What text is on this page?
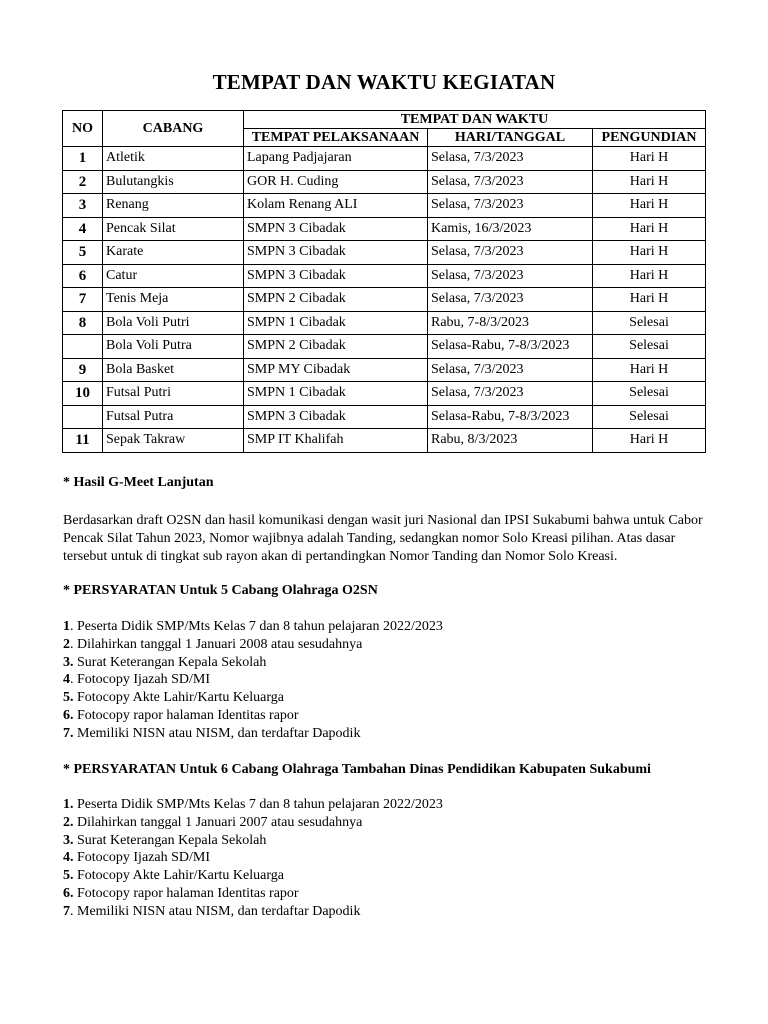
TEMPAT DAN WAKTU KEGIATAN
NO	CABANG	TEMPAT DAN WAKTU		
		TEMPAT PELAKSANAAN	HARI/TANGGAL	PENGUNDIAN
1	Atletik	Lapang Padjajaran	Selasa, 7/3/2023	Hari H
2	Bulutangkis	GOR H. Cuding	Selasa, 7/3/2023	Hari H
3	Renang	Kolam Renang ALI	Selasa, 7/3/2023	Hari H
4	Pencak Silat	SMPN 3 Cibadak	Kamis, 16/3/2023	Hari H
5	Karate	SMPN 3 Cibadak	Selasa, 7/3/2023	Hari H
6	Catur	SMPN 3 Cibadak	Selasa, 7/3/2023	Hari H
7	Tenis Meja	SMPN 2 Cibadak	Selasa, 7/3/2023	Hari H
8	Bola Voli Putri	SMPN 1 Cibadak	Rabu, 7-8/3/2023	Selesai
	Bola Voli Putra	SMPN 2 Cibadak	Selasa-Rabu, 7-8/3/2023	Selesai
9	Bola Basket	SMP MY Cibadak	Selasa, 7/3/2023	Hari H
10	Futsal Putri	SMPN 1 Cibadak	Selasa, 7/3/2023	Selesai
	Futsal Putra	SMPN 3 Cibadak	Selasa-Rabu, 7-8/3/2023	Selesai
11	Sepak Takraw	SMP IT Khalifah	Rabu, 8/3/2023	Hari H
* Hasil G-Meet Lanjutan
Berdasarkan draft O2SN dan hasil komunikasi dengan wasit juri Nasional dan IPSI Sukabumi bahwa untuk Cabor Pencak Silat Tahun 2023, Nomor wajibnya adalah Tanding, sedangkan nomor Solo Kreasi pilihan. Atas dasar tersebut untuk di tingkat sub rayon akan di pertandingkan Nomor Tanding dan Nomor Solo Kreasi.
* PERSYARATAN Untuk 5 Cabang Olahraga O2SN
1. Peserta Didik SMP/Mts Kelas 7 dan 8 tahun pelajaran 2022/2023
2. Dilahirkan tanggal 1 Januari 2008 atau sesudahnya
3. Surat Keterangan Kepala Sekolah
4. Fotocopy Ijazah SD/MI
5. Fotocopy Akte Lahir/Kartu Keluarga
6. Fotocopy rapor halaman Identitas rapor
7. Memiliki NISN atau NISM, dan terdaftar Dapodik
* PERSYARATAN Untuk 6 Cabang Olahraga Tambahan Dinas Pendidikan Kabupaten Sukabumi
1. Peserta Didik SMP/Mts Kelas 7 dan 8 tahun pelajaran 2022/2023
2. Dilahirkan tanggal 1 Januari 2007 atau sesudahnya
3. Surat Keterangan Kepala Sekolah
4. Fotocopy Ijazah SD/MI
5. Fotocopy Akte Lahir/Kartu Keluarga
6. Fotocopy rapor halaman Identitas rapor
7. Memiliki NISN atau NISM, dan terdaftar Dapodik
